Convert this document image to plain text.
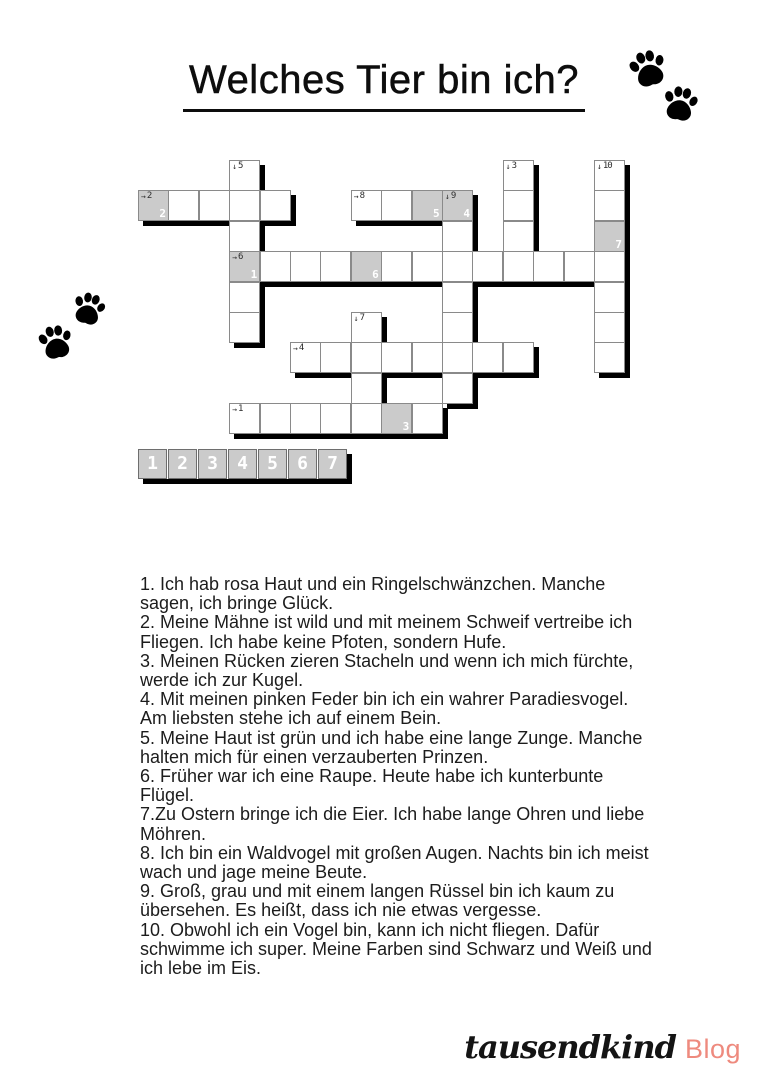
Welches Tier bin ich?
↓ 5	↓ 3	↓ 10
→ 2
2
→ 8
5
↓ 9
4
7
→ 6
1	6
↓ 7
→ 4
→ 1
3
1	2	3	4	5	6	7

1. Ich hab rosa Haut und ein Ringelschwänzchen. Manche sagen, ich bringe Glück.

2. Meine Mähne ist wild und mit meinem Schweif vertreibe ich Fliegen. Ich habe keine Pfoten, sondern Hufe.

3. Meinen Rücken zieren Stacheln und wenn ich mich fürchte, werde ich zur Kugel.

4. Mit meinen pinken Feder bin ich ein wahrer Paradiesvogel. Am liebsten stehe ich auf einem Bein.

5. Meine Haut ist grün und ich habe eine lange Zunge. Manche halten mich für einen verzauberten Prinzen.

6. Früher war ich eine Raupe. Heute habe ich kunterbunte Flügel.

7.Zu Ostern bringe ich die Eier. Ich habe lange Ohren und liebe Möhren.

8. Ich bin ein Waldvogel mit großen Augen. Nachts bin ich meist wach und jage meine Beute.

9. Groß, grau und mit einem langen Rüssel bin ich kaum zu übersehen. Es heißt, dass ich nie etwas vergesse.

10. Obwohl ich ein Vogel bin, kann ich nicht fliegen. Dafür schwimme ich super. Meine Farben sind Schwarz und Weiß und ich lebe im Eis.

tausendkind Blog
